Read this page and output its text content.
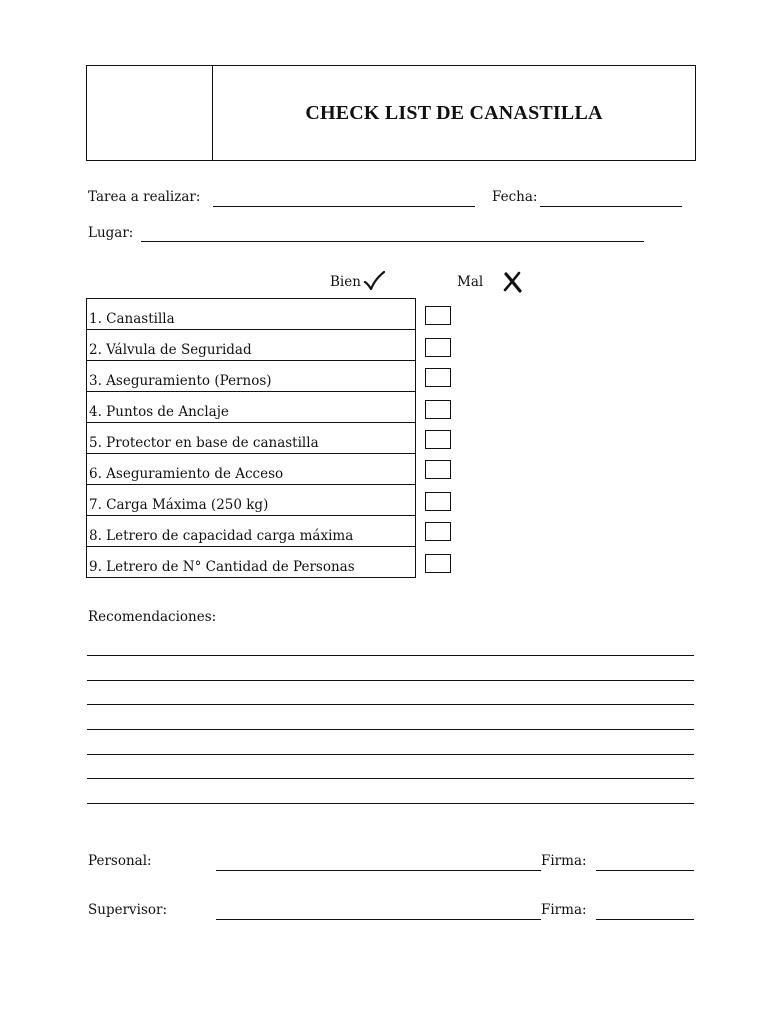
CHECK LIST DE CANASTILLA
Tarea a realizar:	Fecha:
Lugar:
Bien	Mal
1. Canastilla
2. Válvula de Seguridad
3. Aseguramiento (Pernos)
4. Puntos de Anclaje
5. Protector en base de canastilla
6. Aseguramiento de Acceso
7. Carga Máxima (250 kg)
8. Letrero de capacidad carga máxima
9. Letrero de N° Cantidad de Personas
Recomendaciones:
Personal:	Firma:
Supervisor:	Firma:
